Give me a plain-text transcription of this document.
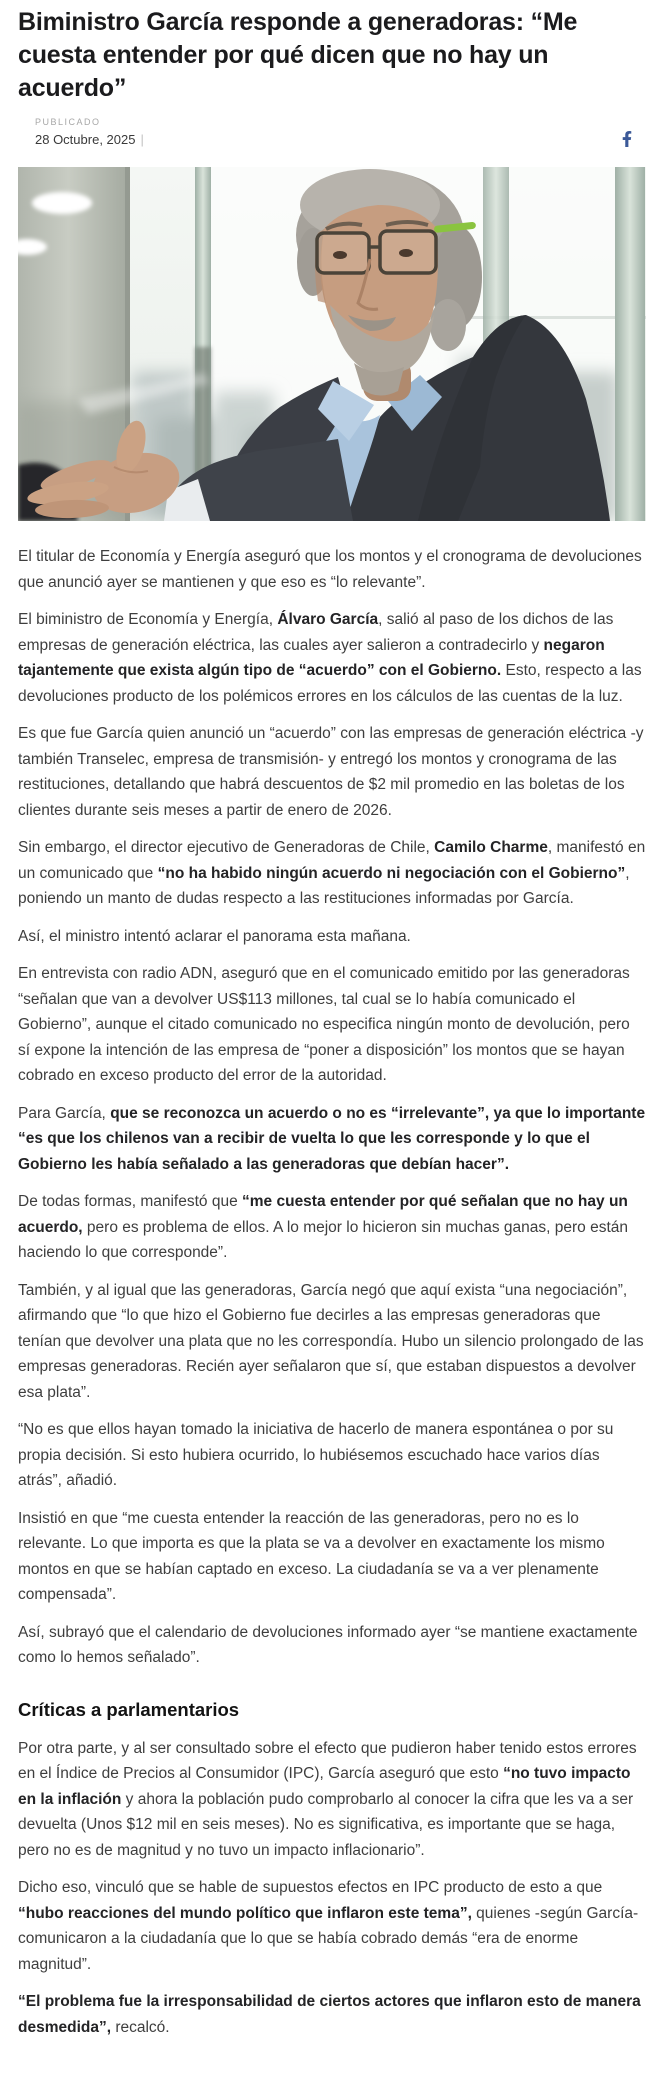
Biministro García responde a generadoras: “Me cuesta entender por qué dicen que no hay un acuerdo”
PUBLICADO
28 Octubre, 2025 |

El titular de Economía y Energía aseguró que los montos y el cronograma de devoluciones que anunció ayer se mantienen y que eso es “lo relevante”.

El biministro de Economía y Energía, Álvaro García, salió al paso de los dichos de las empresas de generación eléctrica, las cuales ayer salieron a contradecirlo y negaron tajantemente que exista algún tipo de “acuerdo” con el Gobierno. Esto, respecto a las devoluciones producto de los polémicos errores en los cálculos de las cuentas de la luz.

Es que fue García quien anunció un “acuerdo” con las empresas de generación eléctrica -y también Transelec, empresa de transmisión- y entregó los montos y cronograma de las restituciones, detallando que habrá descuentos de $2 mil promedio en las boletas de los clientes durante seis meses a partir de enero de 2026.

Sin embargo, el director ejecutivo de Generadoras de Chile, Camilo Charme, manifestó en un comunicado que “no ha habido ningún acuerdo ni negociación con el Gobierno”, poniendo un manto de dudas respecto a las restituciones informadas por García.

Así, el ministro intentó aclarar el panorama esta mañana.

En entrevista con radio ADN, aseguró que en el comunicado emitido por las generadoras “señalan que van a devolver US$113 millones, tal cual se lo había comunicado el Gobierno”, aunque el citado comunicado no especifica ningún monto de devolución, pero sí expone la intención de las empresa de “poner a disposición” los montos que se hayan cobrado en exceso producto del error de la autoridad.

Para García, que se reconozca un acuerdo o no es “irrelevante”, ya que lo importante “es que los chilenos van a recibir de vuelta lo que les corresponde y lo que el Gobierno les había señalado a las generadoras que debían hacer”.

De todas formas, manifestó que “me cuesta entender por qué señalan que no hay un acuerdo, pero es problema de ellos. A lo mejor lo hicieron sin muchas ganas, pero están haciendo lo que corresponde”.

También, y al igual que las generadoras, García negó que aquí exista “una negociación”, afirmando que “lo que hizo el Gobierno fue decirles a las empresas generadoras que tenían que devolver una plata que no les correspondía. Hubo un silencio prolongado de las empresas generadoras. Recién ayer señalaron que sí, que estaban dispuestos a devolver esa plata”.

“No es que ellos hayan tomado la iniciativa de hacerlo de manera espontánea o por su propia decisión. Si esto hubiera ocurrido, lo hubiésemos escuchado hace varios días atrás”, añadió.

Insistió en que “me cuesta entender la reacción de las generadoras, pero no es lo relevante. Lo que importa es que la plata se va a devolver en exactamente los mismo montos en que se habían captado en exceso. La ciudadanía se va a ver plenamente compensada”.

Así, subrayó que el calendario de devoluciones informado ayer “se mantiene exactamente como lo hemos señalado”.

Críticas a parlamentarios

Por otra parte, y al ser consultado sobre el efecto que pudieron haber tenido estos errores en el Índice de Precios al Consumidor (IPC), García aseguró que esto “no tuvo impacto en la inflación y ahora la población pudo comprobarlo al conocer la cifra que les va a ser devuelta (Unos $12 mil en seis meses). No es significativa, es importante que se haga, pero no es de magnitud y no tuvo un impacto inflacionario”.

Dicho eso, vinculó que se hable de supuestos efectos en IPC producto de esto a que “hubo reacciones del mundo político que inflaron este tema”, quienes -según García- comunicaron a la ciudadanía que lo que se había cobrado demás “era de enorme magnitud”.

“El problema fue la irresponsabilidad de ciertos actores que inflaron esto de manera desmedida”, recalcó.
